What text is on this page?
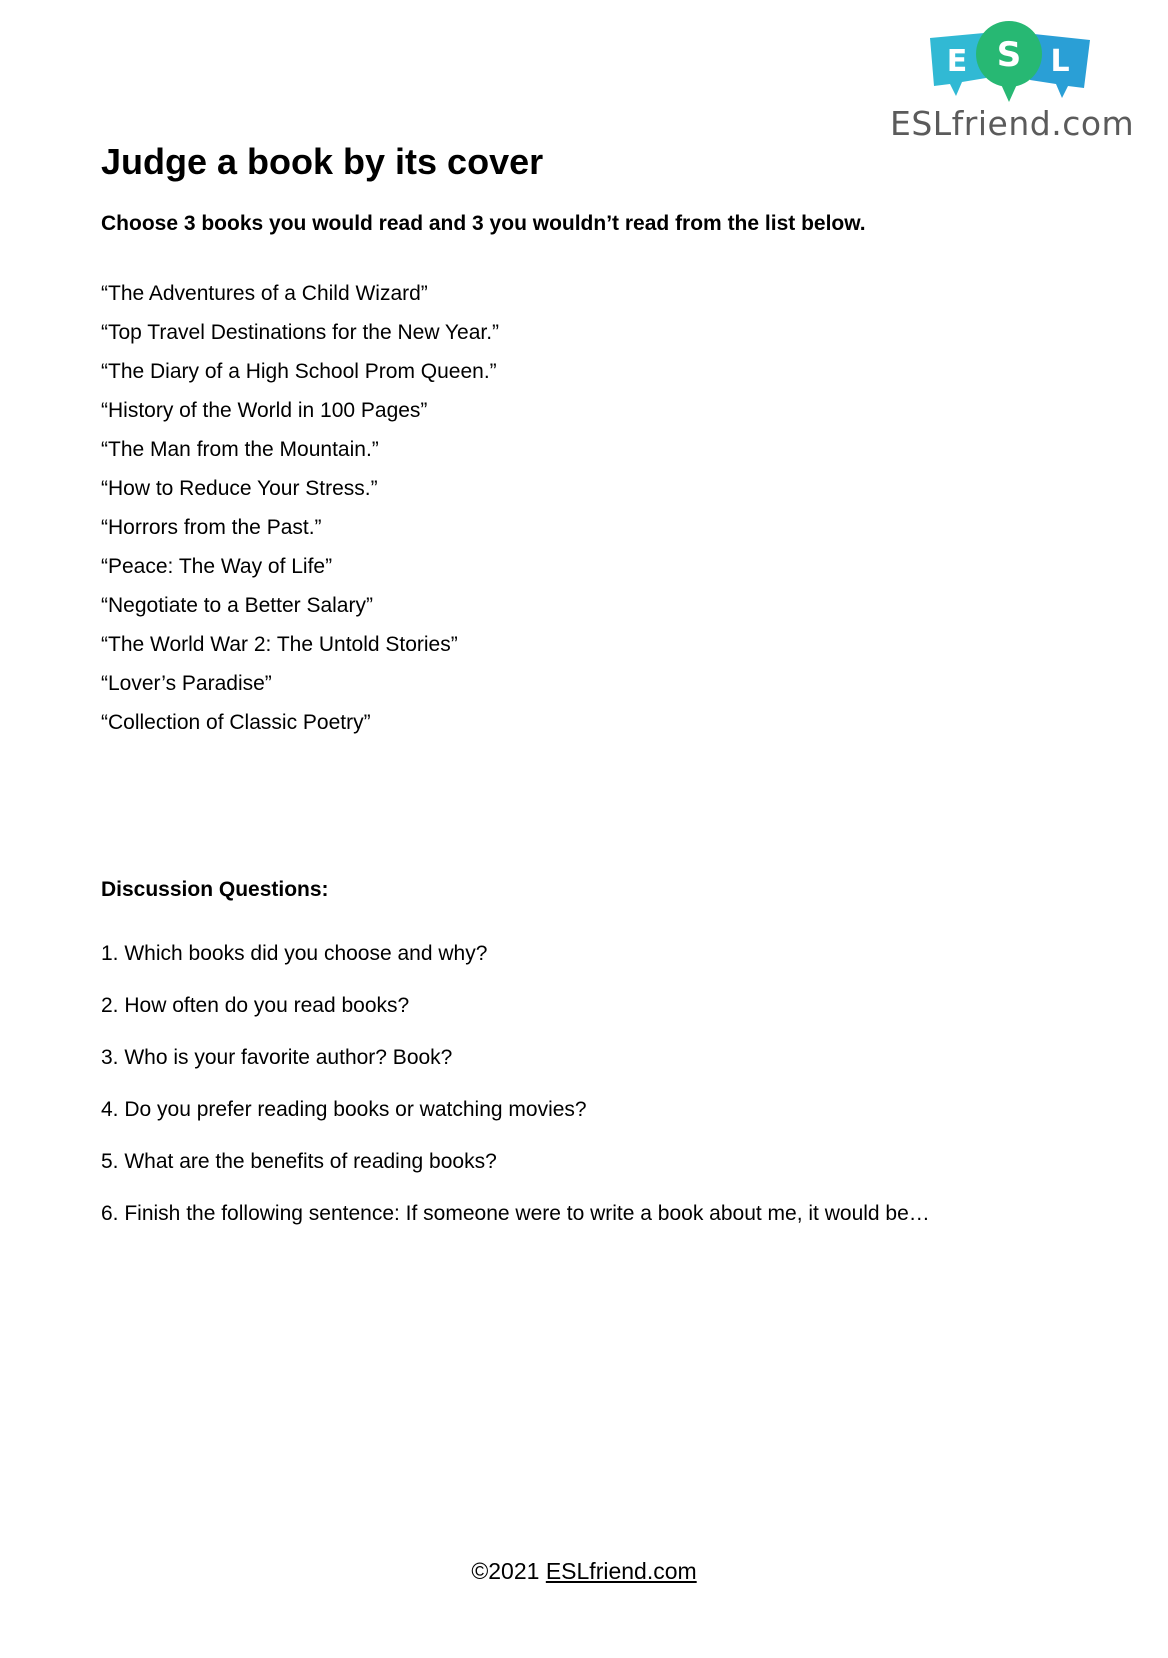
E S L
ESLfriend.com
Judge a book by its cover

Choose 3 books you would read and 3 you wouldn’t read from the list below.

“The Adventures of a Child Wizard”
“Top Travel Destinations for the New Year.”
“The Diary of a High School Prom Queen.”
“History of the World in 100 Pages”
“The Man from the Mountain.”
“How to Reduce Your Stress.”
“Horrors from the Past.”
“Peace: The Way of Life”
“Negotiate to a Better Salary”
“The World War 2: The Untold Stories”
“Lover’s Paradise”
“Collection of Classic Poetry”

Discussion Questions:

1. Which books did you choose and why?
2. How often do you read books?
3. Who is your favorite author? Book?
4. Do you prefer reading books or watching movies?
5. What are the benefits of reading books?
6. Finish the following sentence: If someone were to write a book about me, it would be…
©2021 ESLfriend.com
